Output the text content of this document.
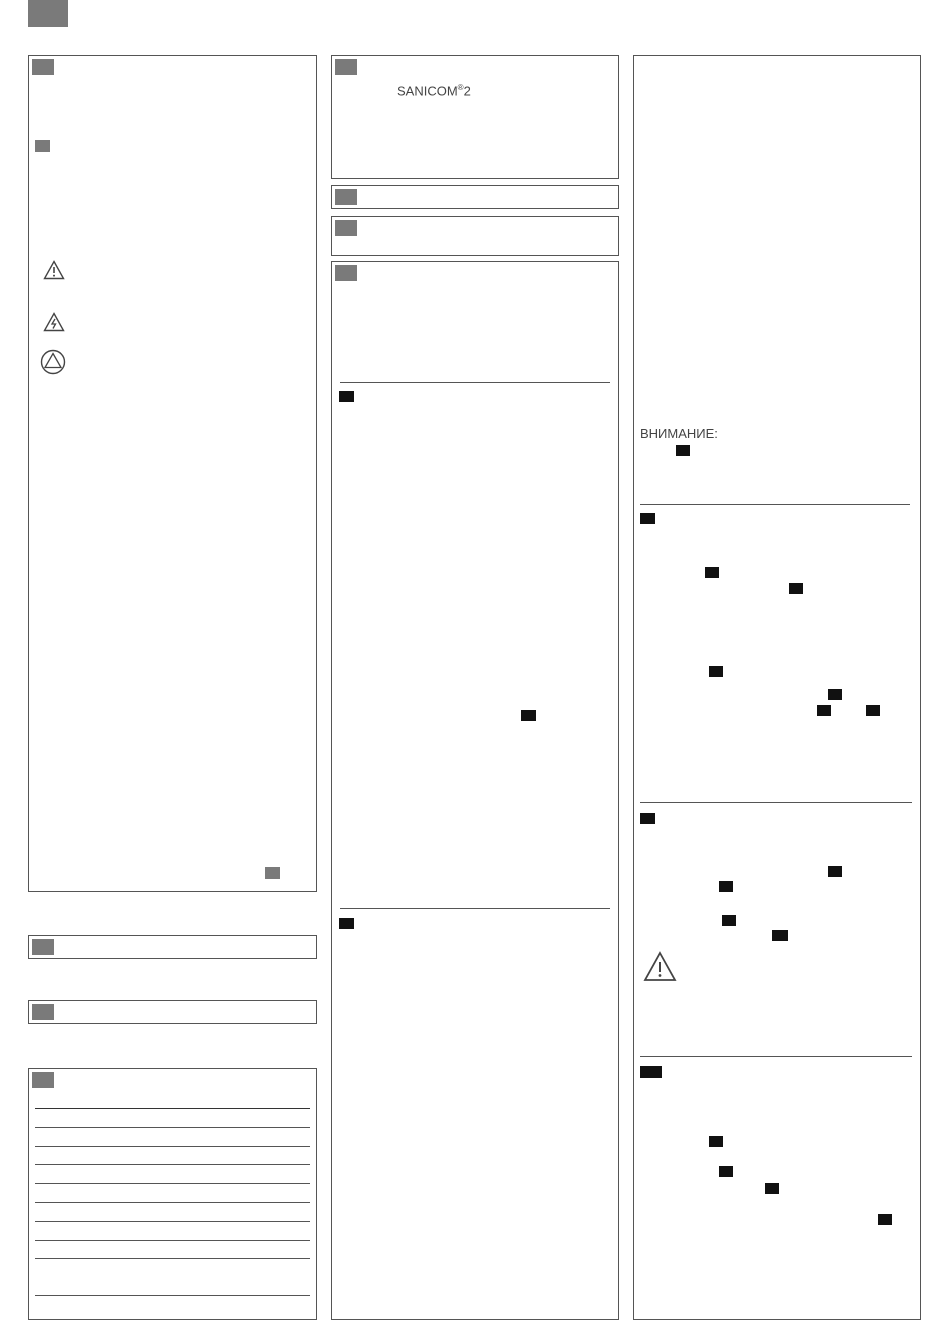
SANICOM®2
ВНИМАНИЕ:
